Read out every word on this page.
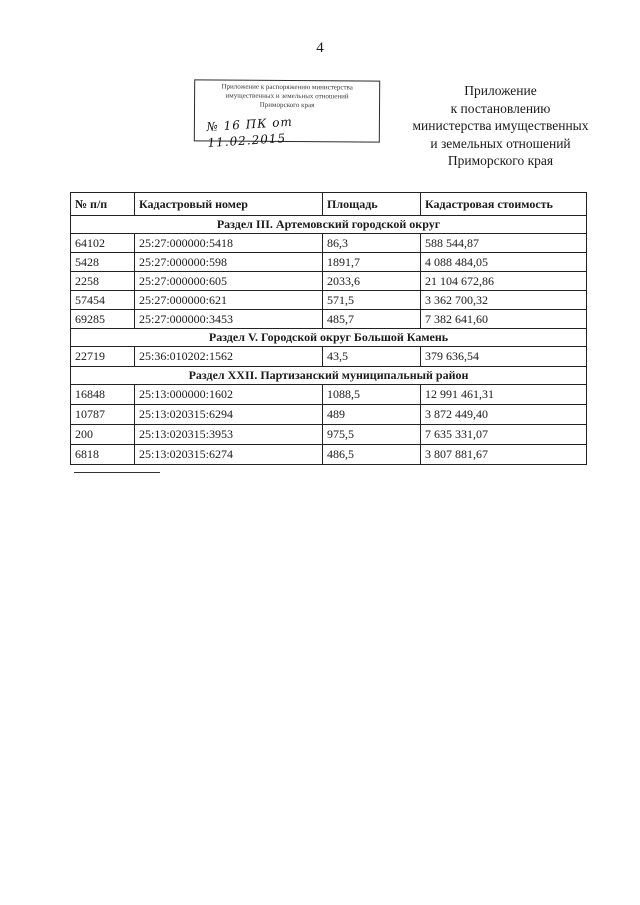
4
Приложение к распоряжению министерства
имущественных и земельных отношений
Приморского края
№ 16 ПК от 11.02.2015
Приложение
к постановлению
министерства имущественных
и земельных отношений
Приморского края
№ п/п	Кадастровый номер	Площадь	Кадастровая стоимость
Раздел III. Артемовский городской округ			
64102	25:27:000000:5418	86,3	588 544,87
5428	25:27:000000:598	1891,7	4 088 484,05
2258	25:27:000000:605	2033,6	21 104 672,86
57454	25:27:000000:621	571,5	3 362 700,32
69285	25:27:000000:3453	485,7	7 382 641,60
Раздел V. Городской округ Большой Камень			
22719	25:36:010202:1562	43,5	379 636,54
Раздел XXII. Партизанский муниципальный район			
16848	25:13:000000:1602	1088,5	12 991 461,31
10787	25:13:020315:6294	489	3 872 449,40
200	25:13:020315:3953	975,5	7 635 331,07
6818	25:13:020315:6274	486,5	3 807 881,67
